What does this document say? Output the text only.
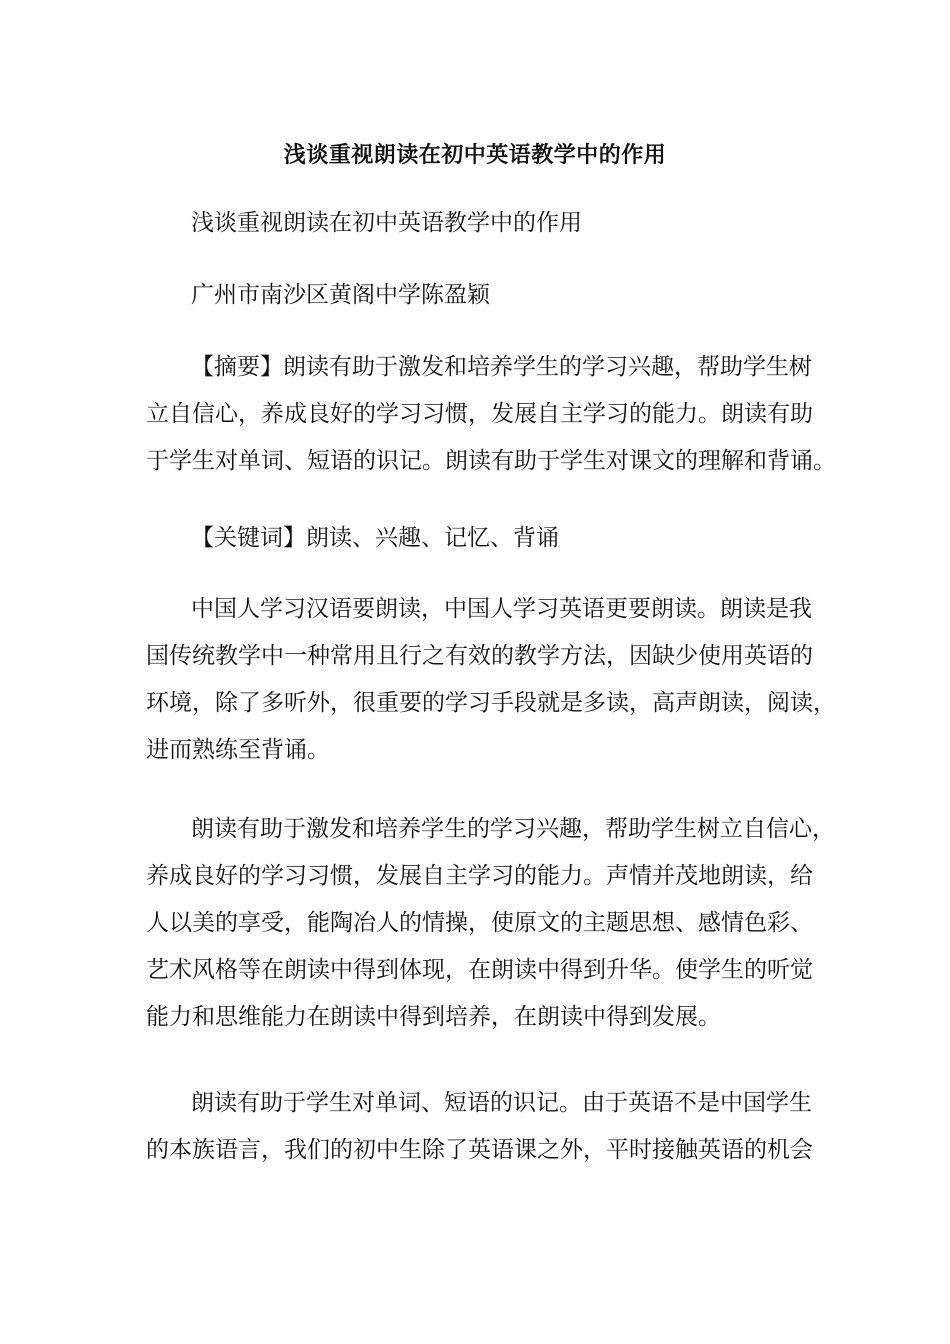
浅谈重视朗读在初中英语教学中的作用
浅谈重视朗读在初中英语教学中的作用
广州市南沙区黄阁中学陈盈颖
【摘要】朗读有助于激发和培养学生的学习兴趣，帮助学生树
立自信心，养成良好的学习习惯，发展自主学习的能力。朗读有助
于学生对单词、短语的识记。朗读有助于学生对课文的理解和背诵。
【关键词】朗读、兴趣、记忆、背诵
中国人学习汉语要朗读，中国人学习英语更要朗读。朗读是我
国传统教学中一种常用且行之有效的教学方法，因缺少使用英语的
环境，除了多听外，很重要的学习手段就是多读，高声朗读，阅读，
进而熟练至背诵。
朗读有助于激发和培养学生的学习兴趣，帮助学生树立自信心，
养成良好的学习习惯，发展自主学习的能力。声情并茂地朗读，给
人以美的享受，能陶冶人的情操，使原文的主题思想、感情色彩、
艺术风格等在朗读中得到体现，在朗读中得到升华。使学生的听觉
能力和思维能力在朗读中得到培养，在朗读中得到发展。
朗读有助于学生对单词、短语的识记。由于英语不是中国学生
的本族语言，我们的初中生除了英语课之外，平时接触英语的机会
